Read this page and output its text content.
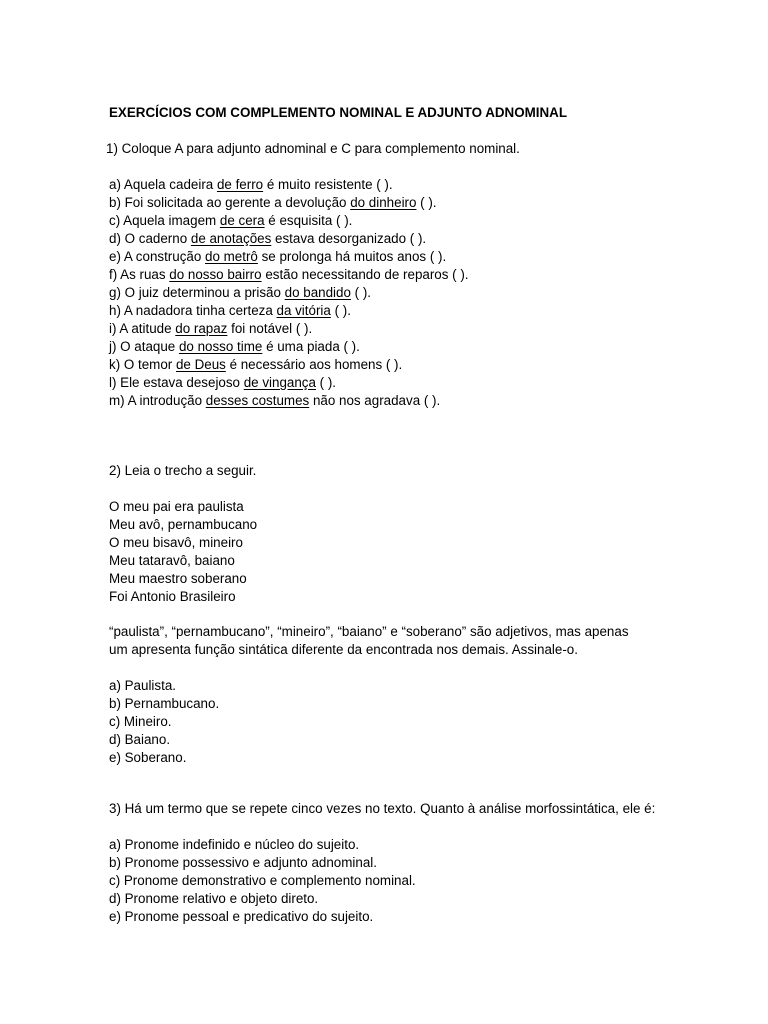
EXERCÍCIOS COM COMPLEMENTO NOMINAL E ADJUNTO ADNOMINAL
1) Coloque A para adjunto adnominal e C para complemento nominal.
a) Aquela cadeira de ferro é muito resistente ( ).
b) Foi solicitada ao gerente a devolução do dinheiro ( ).
c) Aquela imagem de cera é esquisita ( ).
d) O caderno de anotações estava desorganizado ( ).
e) A construção do metrô se prolonga há muitos anos ( ).
f) As ruas do nosso bairro estão necessitando de reparos ( ).
g) O juiz determinou a prisão do bandido ( ).
h) A nadadora tinha certeza da vitória ( ).
i) A atitude do rapaz foi notável ( ).
j) O ataque do nosso time é uma piada ( ).
k) O temor de Deus é necessário aos homens ( ).
l) Ele estava desejoso de vingança ( ).
m) A introdução desses costumes não nos agradava ( ).
2) Leia o trecho a seguir.
O meu pai era paulista
Meu avô, pernambucano
O meu bisavô, mineiro
Meu tataravô, baiano
Meu maestro soberano
Foi Antonio Brasileiro
“paulista”, “pernambucano”, “mineiro”, “baiano” e “soberano” são adjetivos, mas apenas
um apresenta função sintática diferente da encontrada nos demais. Assinale-o.
a) Paulista.
b) Pernambucano.
c) Mineiro.
d) Baiano.
e) Soberano.
3) Há um termo que se repete cinco vezes no texto. Quanto à análise morfossintática, ele é:
a) Pronome indefinido e núcleo do sujeito.
b) Pronome possessivo e adjunto adnominal.
c) Pronome demonstrativo e complemento nominal.
d) Pronome relativo e objeto direto.
e) Pronome pessoal e predicativo do sujeito.
